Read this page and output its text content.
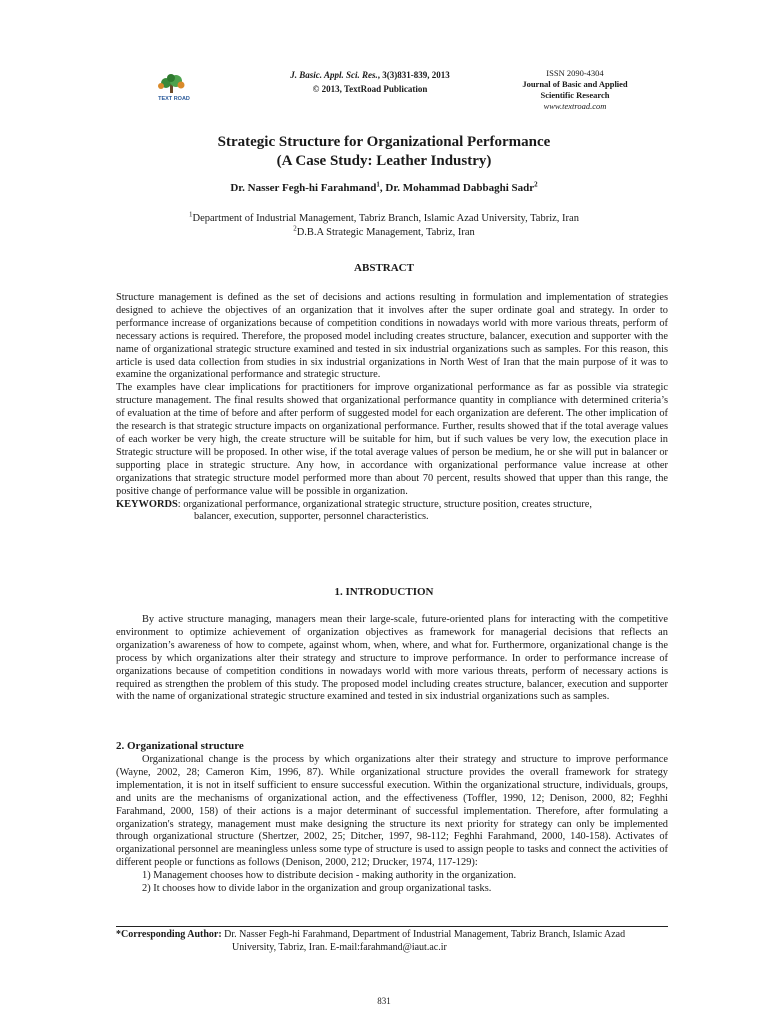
TEXT ROAD
J. Basic. Appl. Sci. Res., 3(3)831-839, 2013
© 2013, TextRoad Publication
ISSN 2090-4304
Journal of Basic and Applied
Scientific Research
www.textroad.com
Strategic Structure for Organizational Performance
(A Case Study: Leather Industry)
Dr. Nasser Fegh-hi Farahmand$^1$, Dr. Mohammad Dabbaghi Sadr$^2$
$^1$Department of Industrial Management, Tabriz Branch, Islamic Azad University, Tabriz, Iran
$^2$D.B.A Strategic Management, Tabriz, Iran
ABSTRACT

Structure management is defined as the set of decisions and actions resulting in formulation and implementation of strategies designed to achieve the objectives of an organization that it involves after the super ordinate goal and strategy. In order to performance increase of organizations because of competition conditions in nowadays world with more various threats, perform of necessary actions is required. Therefore, the proposed model including creates structure, balancer, execution and supporter with the name of organizational strategic structure examined and tested in six industrial organizations such as samples. For this reason, this article is used data collection from studies in six industrial organizations in North West of Iran that the main purpose of it was to examine the organizational performance and strategic structure.

The examples have clear implications for practitioners for improve organizational performance as far as possible via strategic structure management. The final results showed that organizational performance quantity in compliance with determined criteria’s of evaluation at the time of before and after perform of suggested model for each organization are deferent. The other implication of the research is that strategic structure impacts on organizational performance. Further, results showed that if the total average values of each worker be very high, the create structure will be suitable for him, but if such values be very low, the execution place in Strategic structure will be proposed. In other wise, if the total average values of person be medium, he or she will put in balancer or supporting place in strategic structure. Any how, in accordance with organizational performance value increase at other organizations that strategic structure model performed more than about 70 percent, results showed that upper than this range, the positive change of performance value will be possible in organization.

KEYWORDS: organizational performance, organizational strategic structure, structure position, creates structure,

balancer, execution, supporter, personnel characteristics.

1. INTRODUCTION

By active structure managing, managers mean their large-scale, future-oriented plans for interacting with the competitive environment to optimize achievement of organization objectives as framework for managerial decisions that reflects an organization’s awareness of how to compete, against whom, when, where, and what for. Furthermore, organizational change is the process by which organizations alter their strategy and structure to improve performance. In order to performance increase of organizations because of competition conditions in nowadays world with more various threats, perform of necessary actions is required as strengthen the problem of this study. The proposed model including creates structure, balancer, execution and supporter with the name of organizational strategic structure examined and tested in six industrial organizations such as samples.

2. Organizational structure

Organizational change is the process by which organizations alter their strategy and structure to improve performance (Wayne, 2002, 28; Cameron Kim, 1996, 87). While organizational structure provides the overall framework for strategy implementation, it is not in itself sufficient to ensure successful execution. Within the organizational structure, individuals, groups, and units are the mechanisms of organizational action, and the effectiveness (Toffler, 1990, 12; Denison, 2000, 82; Feghhi Farahmand, 2000, 158) of their actions is a major determinant of successful implementation. Therefore, after formulating a organization's strategy, management must make designing the structure its next priority for strategy can only be implemented through organizational structure (Shertzer, 2002, 25; Ditcher, 1997, 98-112; Feghhi Farahmand, 2000, 140-158). Activates of organizational personnel are meaningless unless some type of structure is used to assign people to tasks and connect the activities of different people or functions as follows (Denison, 2000, 212; Drucker, 1974, 117-129):

1) Management chooses how to distribute decision - making authority in the organization.

2) It chooses how to divide labor in the organization and group organizational tasks.

*Corresponding Author: Dr. Nasser Fegh-hi Farahmand, Department of Industrial Management, Tabriz Branch, Islamic Azad
University, Tabriz, Iran. E-mail:farahmand@iaut.ac.ir
831
